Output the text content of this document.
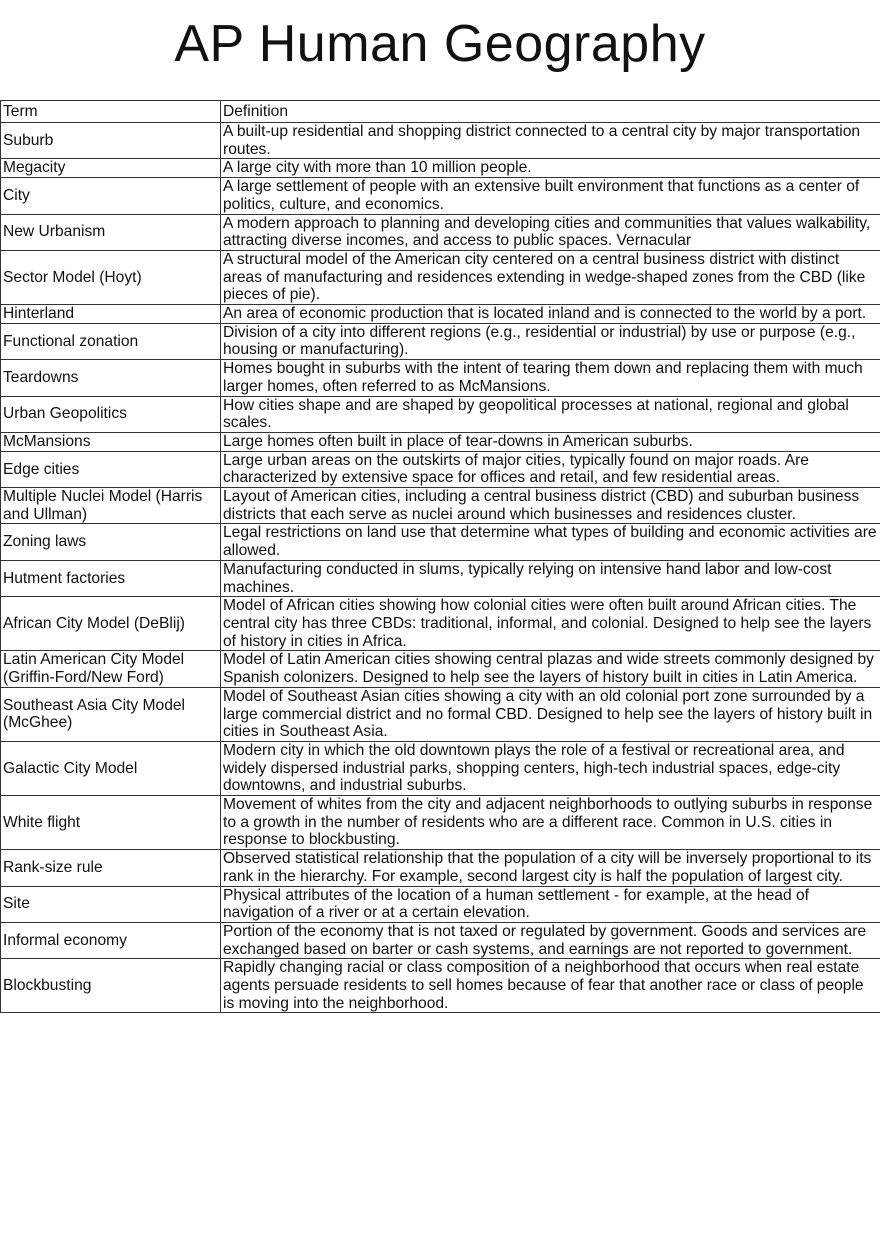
AP Human Geography
Term	Definition
Suburb	A built-up residential and shopping district connected to a central city by major transportation routes.
Megacity	A large city with more than 10 million people.
City	A large settlement of people with an extensive built environment that functions as a center of politics, culture, and economics.
New Urbanism	A modern approach to planning and developing cities and communities that values walkability, attracting diverse incomes, and access to public spaces. Vernacular
Sector Model (Hoyt)	A structural model of the American city centered on a central business district with distinct areas of manufacturing and residences extending in wedge-shaped zones from the CBD (like pieces of pie).
Hinterland	An area of economic production that is located inland and is connected to the world by a port.
Functional zonation	Division of a city into different regions (e.g., residential or industrial) by use or purpose (e.g., housing or manufacturing).
Teardowns	Homes bought in suburbs with the intent of tearing them down and replacing them with much larger homes, often referred to as McMansions.
Urban Geopolitics	How cities shape and are shaped by geopolitical processes at national, regional and global scales.
McMansions	Large homes often built in place of tear-downs in American suburbs.
Edge cities	Large urban areas on the outskirts of major cities, typically found on major roads. Are characterized by extensive space for offices and retail, and few residential areas.
Multiple Nuclei Model (Harris and Ullman)	Layout of American cities, including a central business district (CBD) and suburban business districts that each serve as nuclei around which businesses and residences cluster.
Zoning laws	Legal restrictions on land use that determine what types of building and economic activities are allowed.
Hutment factories	Manufacturing conducted in slums, typically relying on intensive hand labor and low-cost machines.
African City Model (DeBlij)	Model of African cities showing how colonial cities were often built around African cities. The central city has three CBDs: traditional, informal, and colonial. Designed to help see the layers of history in cities in Africa.
Latin American City Model (Griffin-Ford/New Ford)	Model of Latin American cities showing central plazas and wide streets commonly designed by Spanish colonizers. Designed to help see the layers of history built in cities in Latin America.
Southeast Asia City Model (McGhee)	Model of Southeast Asian cities showing a city with an old colonial port zone surrounded by a large commercial district and no formal CBD. Designed to help see the layers of history built in cities in Southeast Asia.
Galactic City Model	Modern city in which the old downtown plays the role of a festival or recreational area, and widely dispersed industrial parks, shopping centers, high-tech industrial spaces, edge-city downtowns, and industrial suburbs.
White flight	Movement of whites from the city and adjacent neighborhoods to outlying suburbs in response to a growth in the number of residents who are a different race. Common in U.S. cities in response to blockbusting.
Rank-size rule	Observed statistical relationship that the population of a city will be inversely proportional to its rank in the hierarchy. For example, second largest city is half the population of largest city.
Site	Physical attributes of the location of a human settlement - for example, at the head of navigation of a river or at a certain elevation.
Informal economy	Portion of the economy that is not taxed or regulated by government. Goods and services are exchanged based on barter or cash systems, and earnings are not reported to government.
Blockbusting	Rapidly changing racial or class composition of a neighborhood that occurs when real estate agents persuade residents to sell homes because of fear that another race or class of people is moving into the neighborhood.
